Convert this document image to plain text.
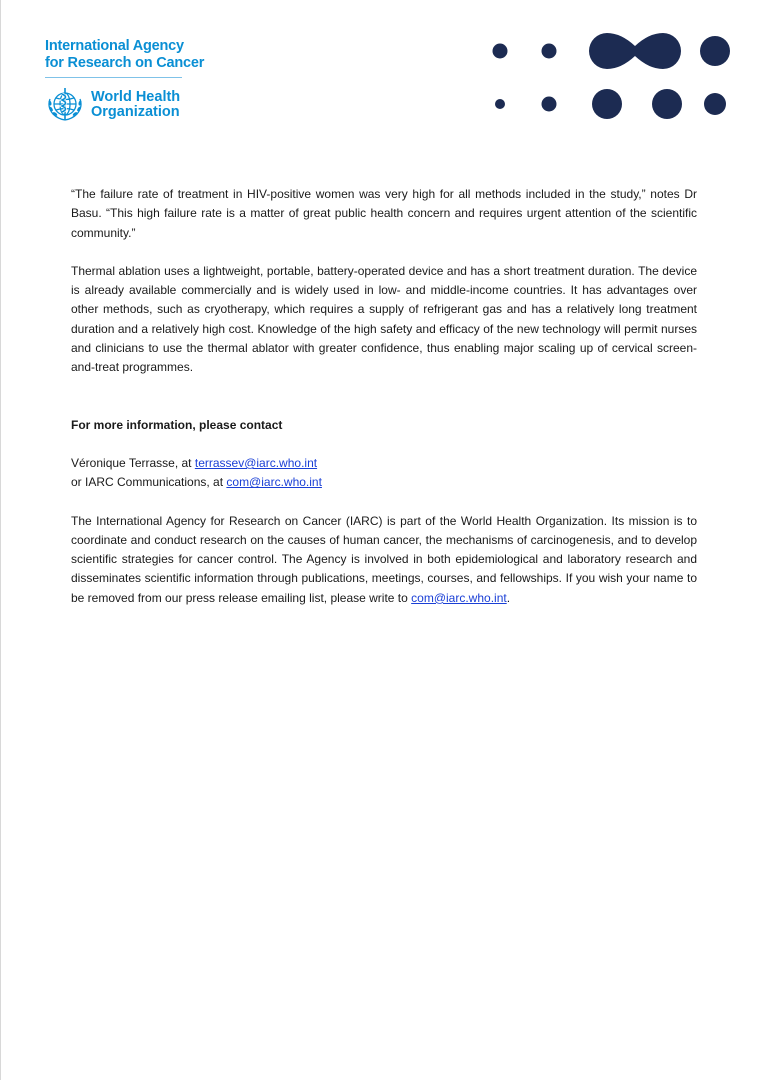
International Agency
for Research on Cancer
World Health
Organization

“The failure rate of treatment in HIV-positive women was very high for all methods included in the study,” notes Dr Basu. “This high failure rate is a matter of great public health concern and requires urgent attention of the scientific community.”

Thermal ablation uses a lightweight, portable, battery-operated device and has a short treatment duration. The device is already available commercially and is widely used in low- and middle-income countries. It has advantages over other methods, such as cryotherapy, which requires a supply of refrigerant gas and has a relatively long treatment duration and a relatively high cost. Knowledge of the high safety and efficacy of the new technology will permit nurses and clinicians to use the thermal ablator with greater confidence, thus enabling major scaling up of cervical screen-and-treat programmes.

For more information, please contact

Véronique Terrasse, at terrassev@iarc.who.int

or IARC Communications, at com@iarc.who.int

The International Agency for Research on Cancer (IARC) is part of the World Health Organization. Its mission is to coordinate and conduct research on the causes of human cancer, the mechanisms of carcinogenesis, and to develop scientific strategies for cancer control. The Agency is involved in both epidemiological and laboratory research and disseminates scientific information through publications, meetings, courses, and fellowships. If you wish your name to be removed from our press release emailing list, please write to com@iarc.who.int.
